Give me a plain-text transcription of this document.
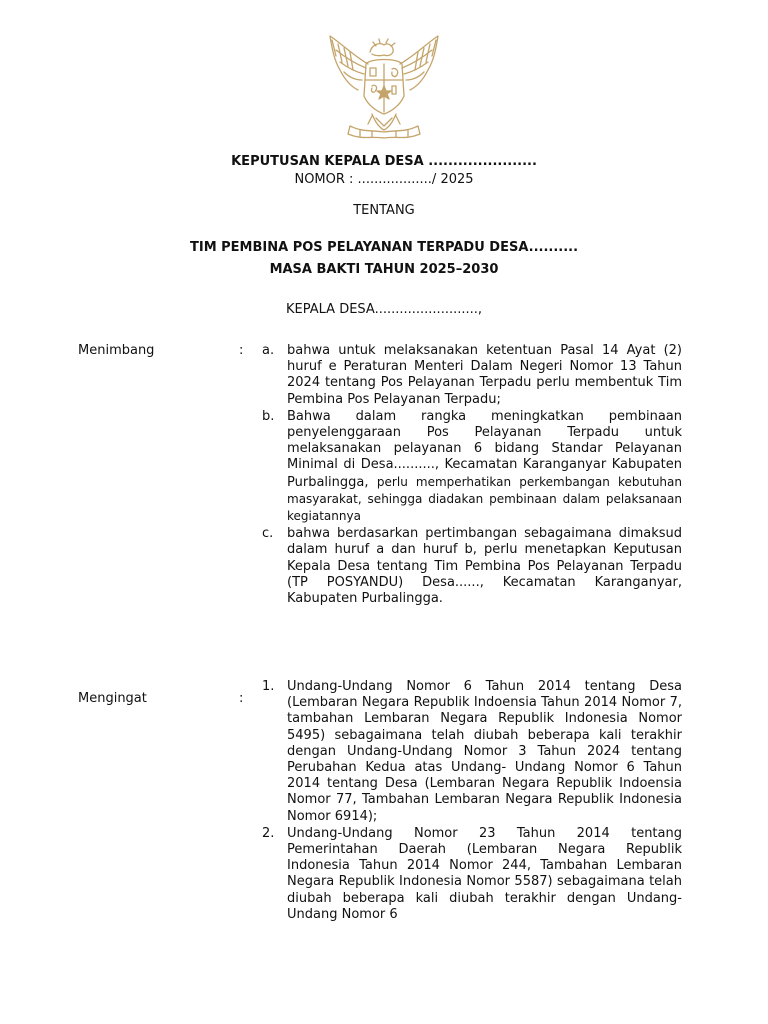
KEPUTUSAN KEPALA DESA ......................
NOMOR : ................../ 2025
TENTANG
TIM PEMBINA POS PELAYANAN TERPADU DESA..........
MASA BAKTI TAHUN 2025–2030
KEPALA DESA.........................,
Menimbang	: a. bahwa untuk melaksanakan ketentuan Pasal 14 Ayat (2) huruf e Peraturan Menteri Dalam Negeri Nomor 13 Tahun 2024 tentang Pos Pelayanan Terpadu perlu membentuk Tim Pembina Pos Pelayanan Terpadu;
b. Bahwa dalam rangka meningkatkan pembinaan penyelenggaraan Pos Pelayanan Terpadu untuk melaksanakan pelayanan 6 bidang Standar Pelayanan Minimal di Desa.........., Kecamatan Karanganyar Kabupaten Purbalingga, perlu memperhatikan perkembangan kebutuhan masyarakat, sehingga diadakan pembinaan dalam pelaksanaan kegiatannya
c.	bahwa berdasarkan pertimbangan sebagaimana dimaksud dalam huruf a dan huruf b, perlu menetapkan Keputusan Kepala Desa tentang Tim Pembina Pos Pelayanan Terpadu (TP POSYANDU) Desa......, Kecamatan Karanganyar, Kabupaten Purbalingga.
Mengingat	:
1. Undang-Undang Nomor 6 Tahun 2014 tentang Desa (Lembaran Negara Republik Indoensia Tahun 2014 Nomor 7, tambahan Lembaran Negara Republik Indonesia Nomor 5495) sebagaimana telah diubah beberapa kali terakhir dengan Undang-Undang Nomor 3 Tahun 2024 tentang Perubahan Kedua atas Undang- Undang Nomor 6 Tahun 2014 tentang Desa (Lembaran Negara Republik Indoensia Nomor 77, Tambahan Lembaran Negara Republik Indonesia Nomor 6914);
2. Undang-Undang Nomor 23 Tahun 2014 tentang Pemerintahan Daerah (Lembaran Negara Republik Indonesia Tahun 2014 Nomor 244, Tambahan Lembaran Negara Republik Indonesia Nomor 5587) sebagaimana telah diubah beberapa kali diubah terakhir dengan Undang-Undang Nomor 6
